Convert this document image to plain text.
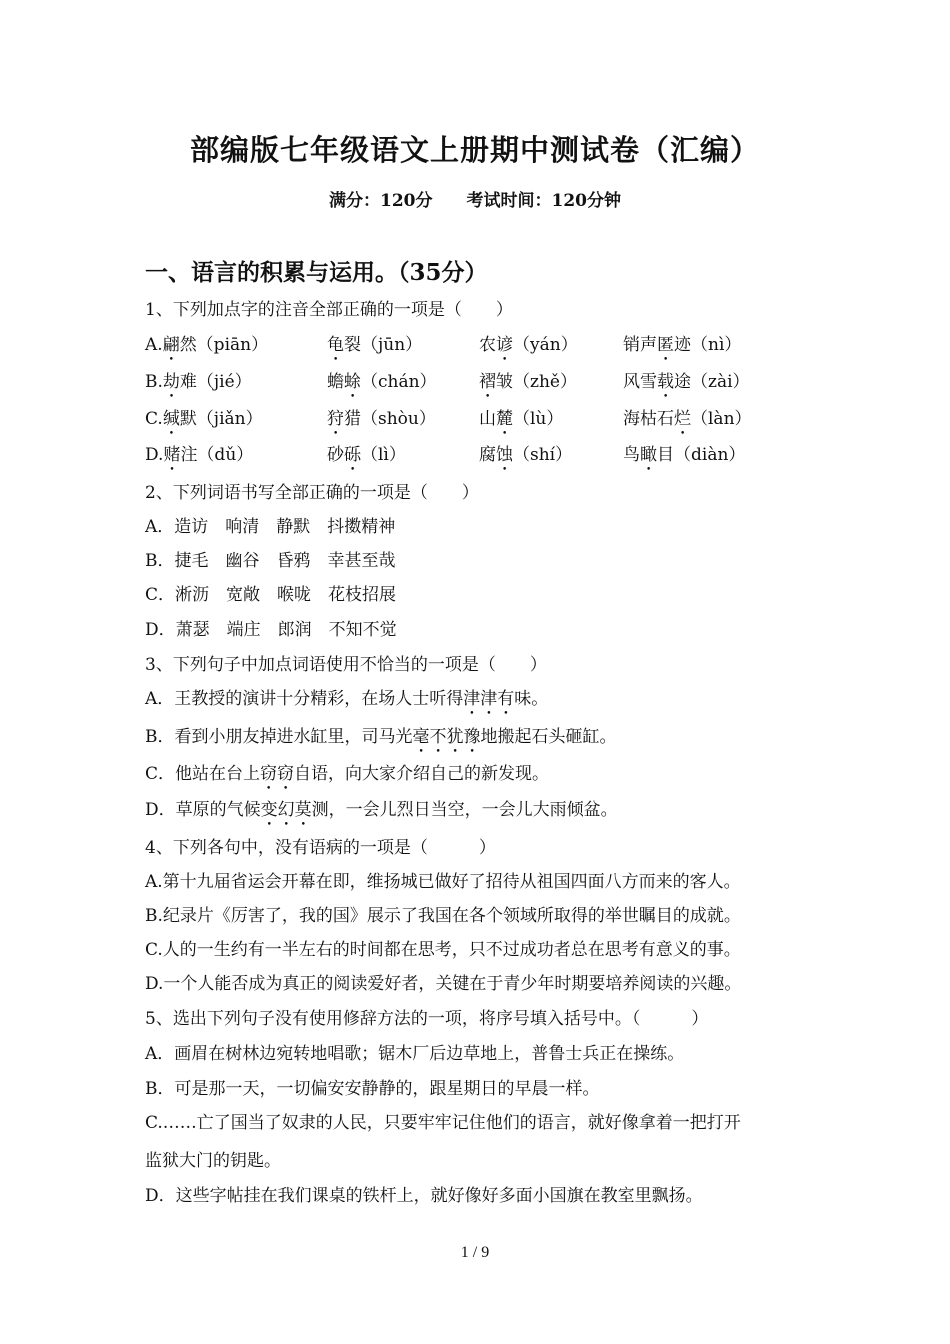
部编版七年级语文上册期中测试卷（汇编）
满分：120分 考试时间：120分钟
一、语言的积累与运用。（35分）
1、下列加点字的注音全部正确的一项是（　　）
A.翩然（piān）	龟裂（jūn）	农谚（yán）	销声匿迹（nì）
B.劫难（jié）	蟾蜍（chán） 褶皱（zhě）	风雪载途（zài）
C.缄默（jiǎn）	狩猎（shòu）	山麓（lù）	海枯石烂（làn）
D.赌注（dǔ）	砂砾（lì）	腐蚀（shí）	鸟瞰目（diàn）
2、下列词语书写全部正确的一项是（　　）
A．造访　响清　静默　抖擞精神
B．捷毛　幽谷　昏鸦　幸甚至哉
C．淅沥　宽敞　喉咙　花枝招展
D．萧瑟　端庄　郎润　不知不觉
3、下列句子中加点词语使用不恰当的一项是（　　）
A．王教授的演讲十分精彩，在场人士听得津津有味。
B．看到小朋友掉进水缸里，司马光毫不犹豫地搬起石头砸缸。
C．他站在台上窃窃自语，向大家介绍自己的新发现。
D．草原的气候变幻莫测，一会儿烈日当空，一会儿大雨倾盆。
4、下列各句中，没有语病的一项是（　　　）
A.第十九届省运会开幕在即，维扬城已做好了招待从祖国四面八方而来的客人。
B.纪录片《厉害了，我的国》展示了我国在各个领域所取得的举世瞩目的成就。
C.人的一生约有一半左右的时间都在思考，只不过成功者总在思考有意义的事。
D.一个人能否成为真正的阅读爱好者，关键在于青少年时期要培养阅读的兴趣。
5、选出下列句子没有使用修辞方法的一项，将序号填入括号中。（　　　）
A．画眉在树林边宛转地唱歌；锯木厂后边草地上，普鲁士兵正在操练。
B．可是那一天，一切偏安安静静的，跟星期日的早晨一样。
C.……亡了国当了奴隶的人民，只要牢牢记住他们的语言，就好像拿着一把打开
监狱大门的钥匙。
D．这些字帖挂在我们课桌的铁杆上，就好像好多面小国旗在教室里飘扬。
1 / 9
